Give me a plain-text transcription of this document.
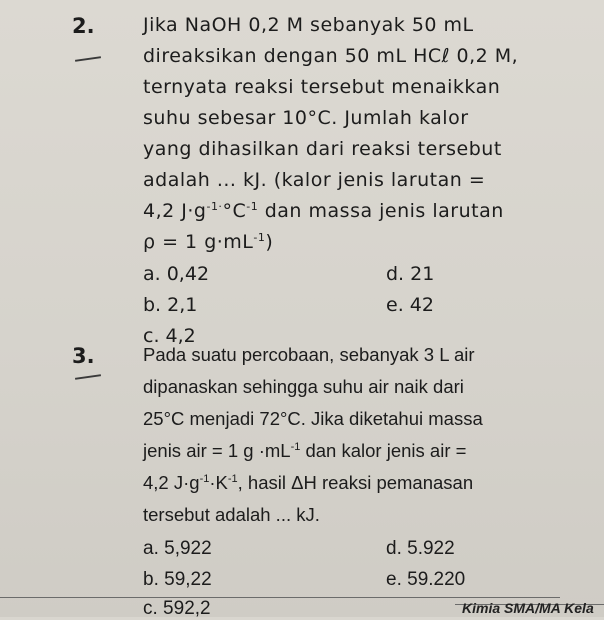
2.	Jika NaOH 0,2 M sebanyak 50 mL
direaksikan dengan 50 mL HCℓ 0,2 M,
ternyata reaksi tersebut menaikkan
suhu sebesar 10°C. Jumlah kalor
yang dihasilkan dari reaksi tersebut
adalah ... kJ. (kalor jenis larutan =
4,2 $J\cdot g^{-1\cdot}^\circ C^{-1}$ dan massa jenis larutan
ρ = 1 $g\cdot mL^{-1}$)
a. 0,42	d. 21
b. 2,1	e. 42
c. 4,2
3.	Pada suatu percobaan, sebanyak 3 L air
dipanaskan sehingga suhu air naik dari
25°C menjadi 72°C. Jika diketahui massa
jenis air = 1 $g \cdot mL^{-1}$ dan kalor jenis air =
4,2 $J\cdot g^{-1}\cdot K^{-1}$, hasil ΔH reaksi pemanasan
tersebut adalah ... kJ.
a. 5,922	d. 5.922
b. 59,22	e. 59.220
c. 592,2	Kimia SMA/MA Kela
